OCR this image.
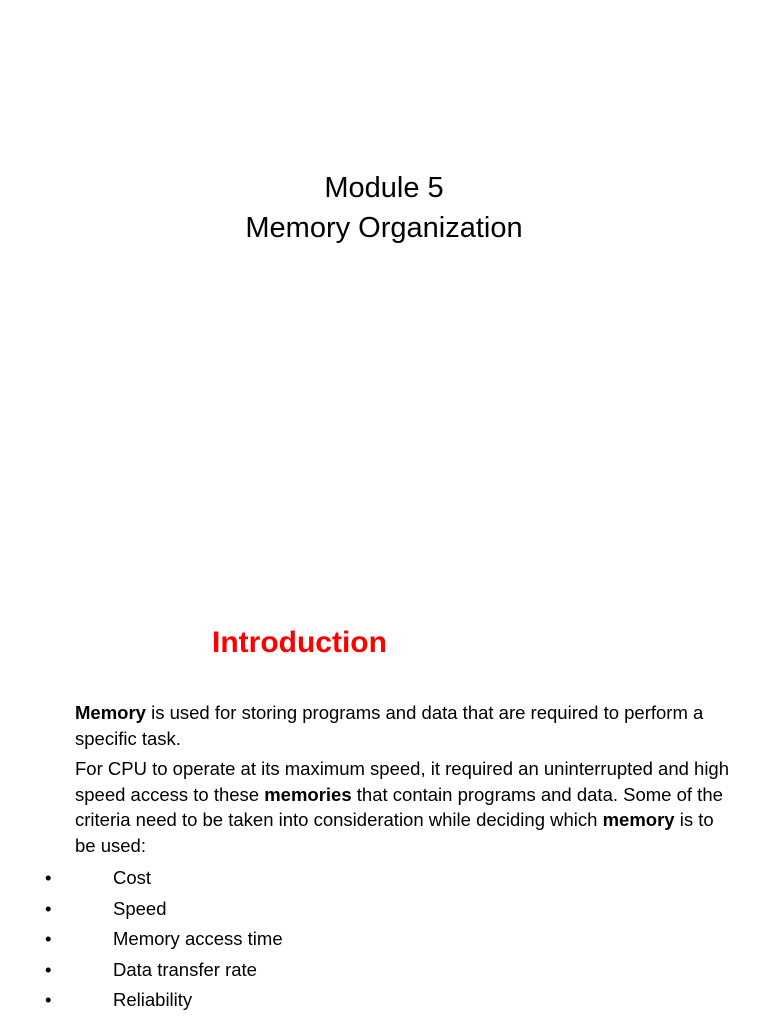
Module 5
Memory Organization
Introduction

Memory is used for storing programs and data that are required to perform a specific task.

For CPU to operate at its maximum speed, it required an uninterrupted and high speed access to these memories that contain programs and data. Some of the criteria need to be taken into consideration while deciding which memory is to be used:

•	Cost
•	Speed
•	Memory access time
•	Data transfer rate
•	Reliability
